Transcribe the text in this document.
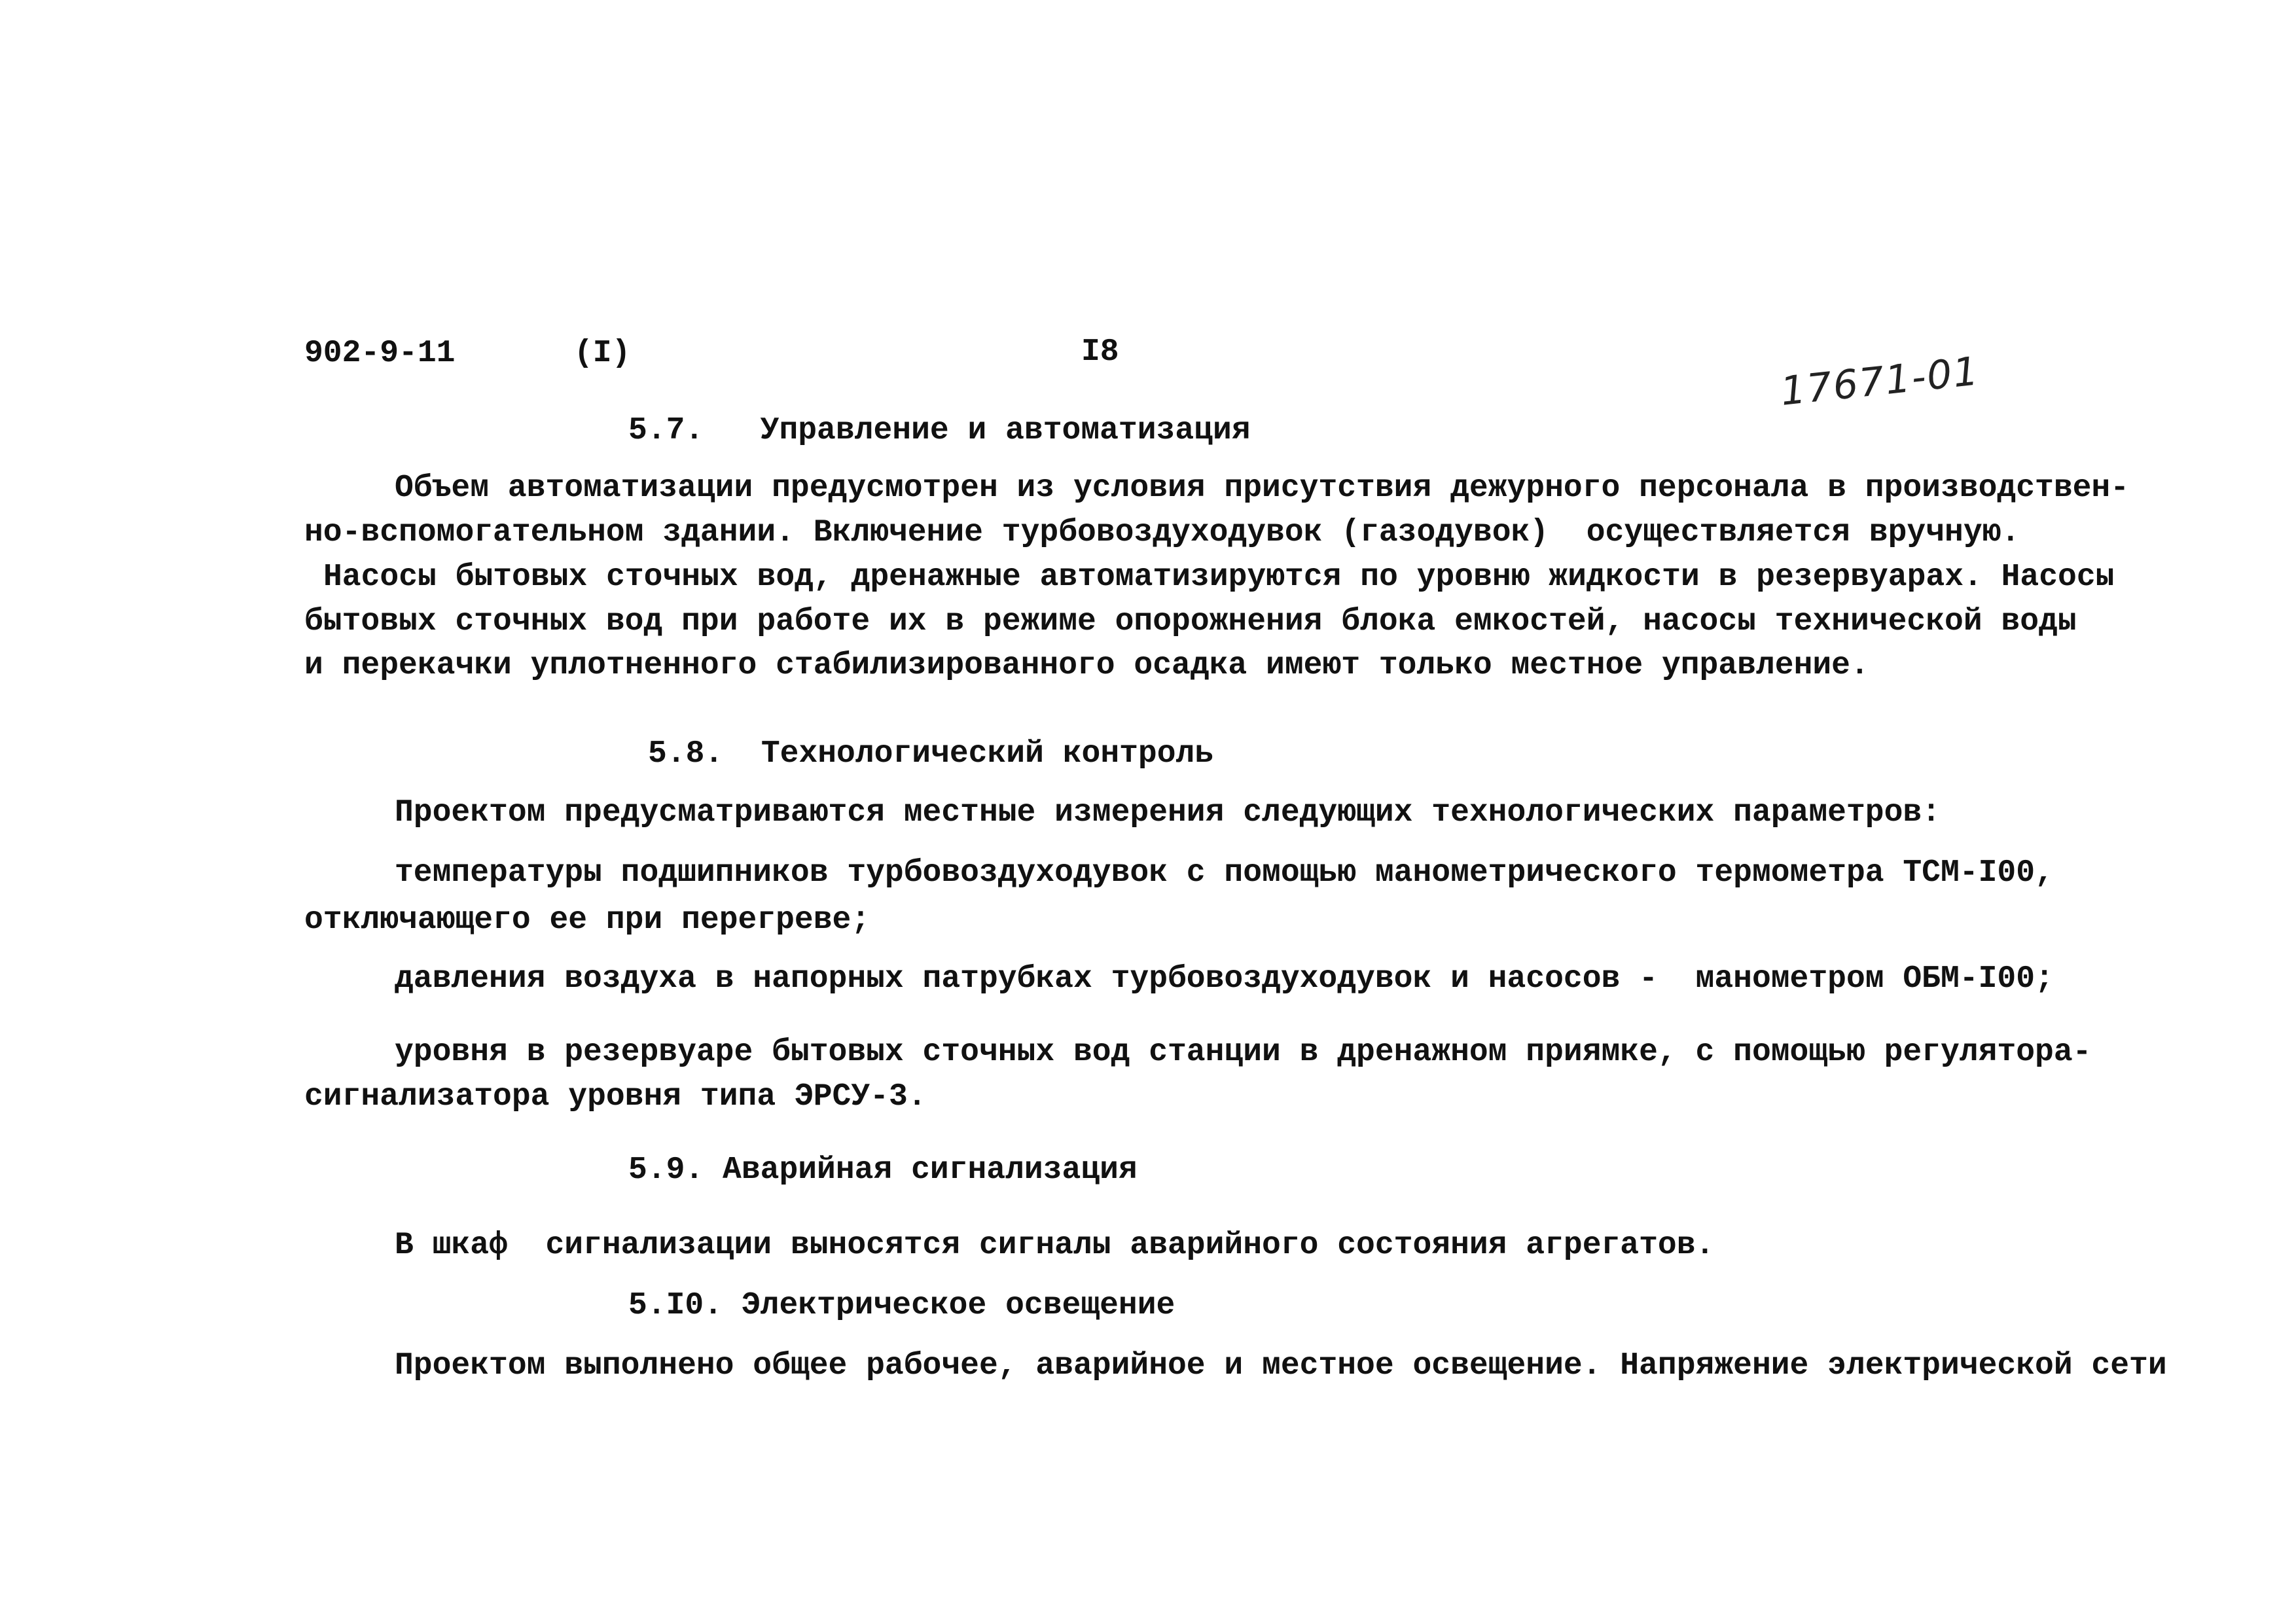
902-9-11	(I)	I8	17671-01
5.7.   Управление и автоматизация
Объем автоматизации предусмотрен из условия присутствия дежурного персонала в производствен-
но-вспомогательном здании. Включение турбовоздуходувок (газодувок)  осуществляется вручную.
Насосы бытовых сточных вод, дренажные автоматизируются по уровню жидкости в резервуарах. Насосы
бытовых сточных вод при работе их в режиме опорожнения блока емкостей, насосы технической воды
и перекачки уплотненного стабилизированного осадка имеют только местное управление.
5.8.  Технологический контроль
Проектом предусматриваются местные измерения следующих технологических параметров:
температуры подшипников турбовоздуходувок с помощью манометрического термометра ТСМ-I00,
отключающего ее при перегреве;
давления воздуха в напорных патрубках турбовоздуходувок и насосов -  манометром ОБМ-I00;
уровня в резервуаре бытовых сточных вод станции в дренажном приямке, с помощью регулятора-
сигнализатора уровня типа ЭРСУ-3.
5.9. Аварийная сигнализация
В шкаф  сигнализации выносятся сигналы аварийного состояния агрегатов.
5.I0. Электрическое освещение
Проектом выполнено общее рабочее, аварийное и местное освещение. Напряжение электрической сети
